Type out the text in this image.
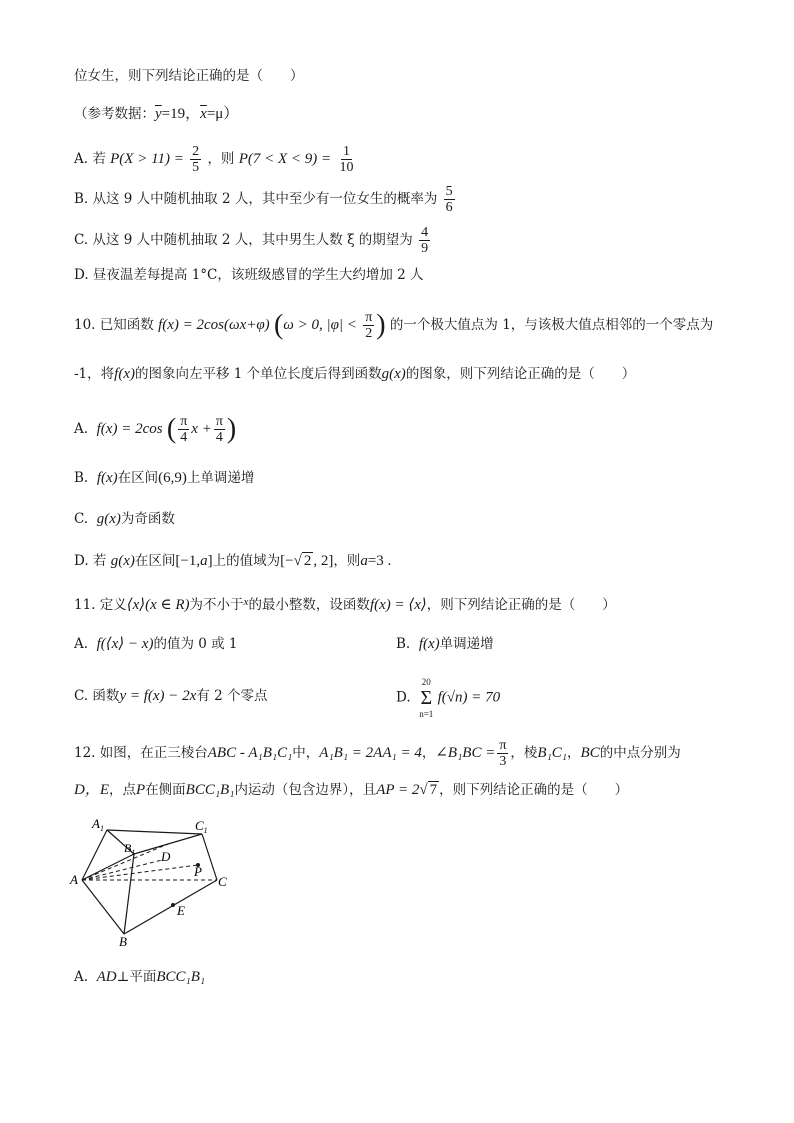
位女生，则下列结论正确的是（　　）
（参考数据：$\overline{y}=19$，$\overline{x}=\mu$）
A. 若 $P(X > 11) = \frac{2}{5}$ ，则 $P(7 < X < 9) = \frac{1}{10}$
B. 从这 9 人中随机抽取 2 人，其中至少有一位女生的概率为 $\frac{5}{6}$
C. 从这 9 人中随机抽取 2 人，其中男生人数 ξ 的期望为 $\frac{4}{9}$
D. 昼夜温差每提高 1°C，该班级感冒的学生大约增加 2 人
10. 已知函数 f(x) = 2cos(ωx+φ) (ω > 0, $|\varphi| < \frac{\pi}{2}$ ) 的一个极大值点为 1，与该极大值点相邻的一个零点为
-1，将f(x)的图象向左平移 1 个单位长度后得到函数g(x)的图象，则下列结论正确的是（　　）
A. f(x) = 2cos ( $\frac{\pi}{4}$ $x + \frac{\pi}{4}$ )
B. f(x)在区间(6,9)上单调递增
C. g(x)为奇函数
D. 若 g(x)在区间[−1,a]上的值域为[−√ 2 , 2]，则a=3 .
11. 定义⟨x⟩(x ∈ R)为不小于$^x$的最小整数，设函数f(x) = ⟨x⟩，则下列结论正确的是（　　）
A. f(⟨x⟩ − x)的值为 0 或 1	B. f(x)单调递增
C. 函数y = f(x) − 2x有 2 个零点	D.
20
Σ
n=1
f(√n) = 70
12. 如图，在正三棱台ABC - A₁B₁C₁中，A₁B₁ = 2AA₁ = 4，∠B₁BC = $\frac{\pi}{3}$ ，棱B₁C₁，BC的中点分别为
D，E，点P在侧面BCC₁B₁内运动（包含边界），且AP = 2√ 7 ，则下列结论正确的是（　　）
$A_1$
$B_1$
$C_1$
A
B
C
D
E
P
A. AD⊥平面BCC₁B₁
